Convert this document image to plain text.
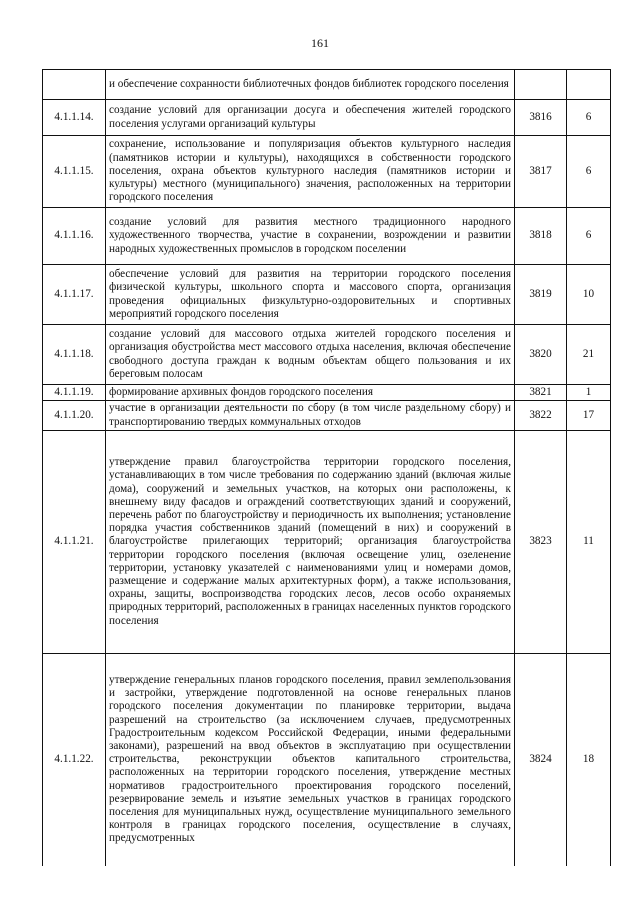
161
	и обеспечение сохранности библиотечных фондов библиотек городского поселения		
4.1.1.14.	создание условий для организации досуга и обеспечения жителей городского поселения услугами организаций культуры	3816	6
4.1.1.15.	сохранение, использование и популяризация объектов культурного наследия (памятников истории и культуры), находящихся в собственности городского поселения, охрана объектов культурного наследия (памятников истории и культуры) местного (муниципального) значения, расположенных на территории городского поселения	3817	6
4.1.1.16.	создание условий для развития местного традиционного народного художественного творчества, участие в сохранении, возрождении и развитии народных художественных промыслов в городском поселении	3818	6
4.1.1.17.	обеспечение условий для развития на территории городского поселения физической культуры, школьного спорта и массового спорта, организация проведения официальных физкультурно-оздоровительных и спортивных мероприятий городского поселения	3819	10
4.1.1.18.	создание условий для массового отдыха жителей городского поселения и организация обустройства мест массового отдыха населения, включая обеспечение свободного доступа граждан к водным объектам общего пользования и их береговым полосам	3820	21
4.1.1.19.	формирование архивных фондов городского поселения	3821	1
4.1.1.20.	участие в организации деятельности по сбору (в том числе раздельному сбору) и транспортированию твердых коммунальных отходов	3822	17
4.1.1.21.	утверждение правил благоустройства территории городского поселения, устанавливающих в том числе требования по содержанию зданий (включая жилые дома), сооружений и земельных участков, на которых они расположены, к внешнему виду фасадов и ограждений соответствующих зданий и сооружений, перечень работ по благоустройству и периодичность их выполнения; установление порядка участия собственников зданий (помещений в них) и сооружений в благоустройстве прилегающих территорий; организация благоустройства территории городского поселения (включая освещение улиц, озеленение территории, установку указателей с наименованиями улиц и номерами домов, размещение и содержание малых архитектурных форм), а также использования, охраны, защиты, воспроизводства городских лесов, лесов особо охраняемых природных территорий, расположенных в границах населенных пунктов городского поселения	3823	11
4.1.1.22.	утверждение генеральных планов городского поселения, правил землепользования и застройки, утверждение подготовленной на основе генеральных планов городского поселения документации по планировке территории, выдача разрешений на строительство (за исключением случаев, предусмотренных Градостроительным кодексом Российской Федерации, иными федеральными законами), разрешений на ввод объектов в эксплуатацию при осуществлении строительства, реконструкции объектов капитального строительства, расположенных на территории городского поселения, утверждение местных нормативов градостроительного проектирования городского поселений, резервирование земель и изъятие земельных участков в границах городского поселения для муниципальных нужд, осуществление муниципального земельного контроля в границах городского поселения, осуществление в случаях, предусмотренных	3824	18
